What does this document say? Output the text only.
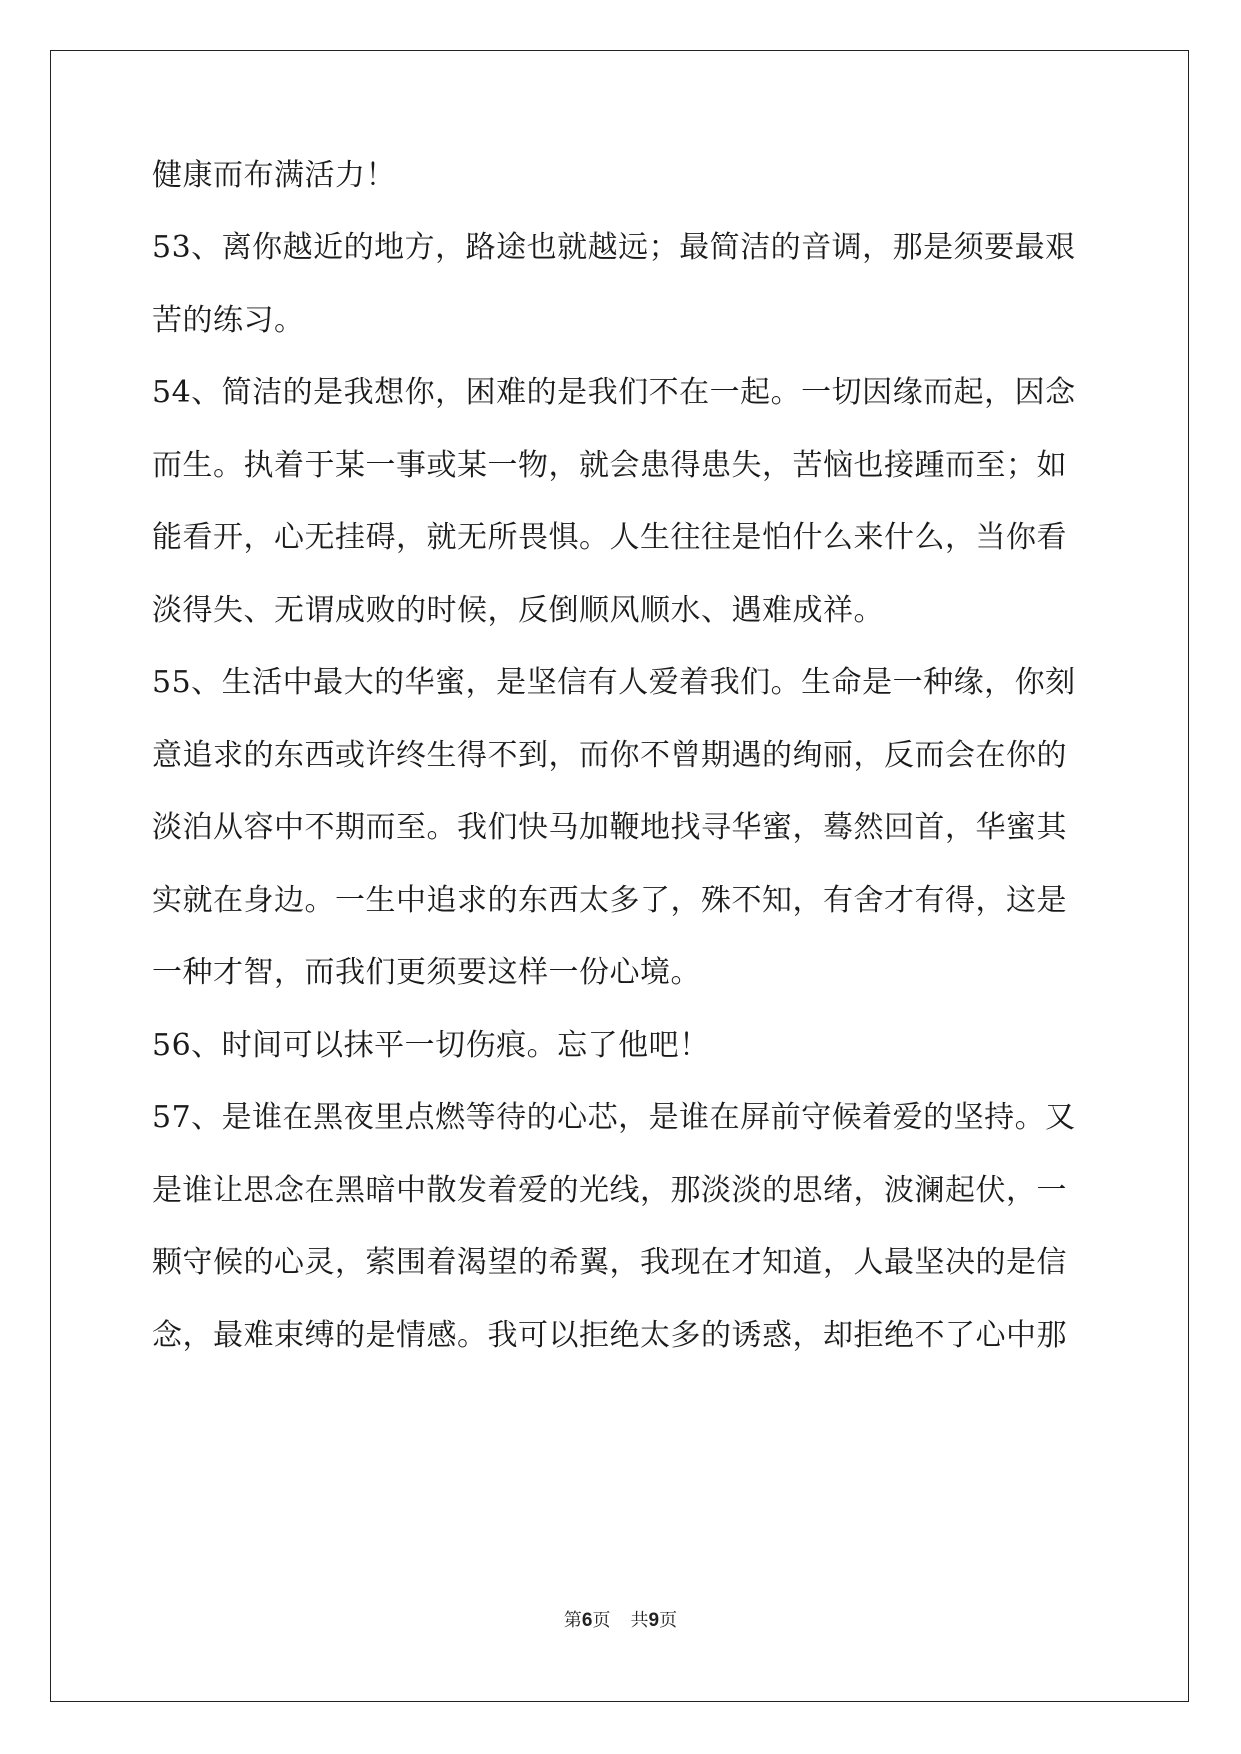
健康而布满活力！
53、离你越近的地方，路途也就越远；最简洁的音调，那是须要最艰
苦的练习。
54、简洁的是我想你，困难的是我们不在一起。一切因缘而起，因念
而生。执着于某一事或某一物，就会患得患失，苦恼也接踵而至；如
能看开，心无挂碍，就无所畏惧。人生往往是怕什么来什么，当你看
淡得失、无谓成败的时候，反倒顺风顺水、遇难成祥。
55、生活中最大的华蜜，是坚信有人爱着我们。生命是一种缘，你刻
意追求的东西或许终生得不到，而你不曾期遇的绚丽，反而会在你的
淡泊从容中不期而至。我们快马加鞭地找寻华蜜，蓦然回首，华蜜其
实就在身边。一生中追求的东西太多了，殊不知，有舍才有得，这是
一种才智，而我们更须要这样一份心境。
56、时间可以抹平一切伤痕。忘了他吧！
57、是谁在黑夜里点燃等待的心芯，是谁在屏前守候着爱的坚持。又
是谁让思念在黑暗中散发着爱的光线，那淡淡的思绪，波澜起伏，一
颗守候的心灵，萦围着渴望的希翼，我现在才知道，人最坚决的是信
念，最难束缚的是情感。我可以拒绝太多的诱惑，却拒绝不了心中那
第6页 共9页
